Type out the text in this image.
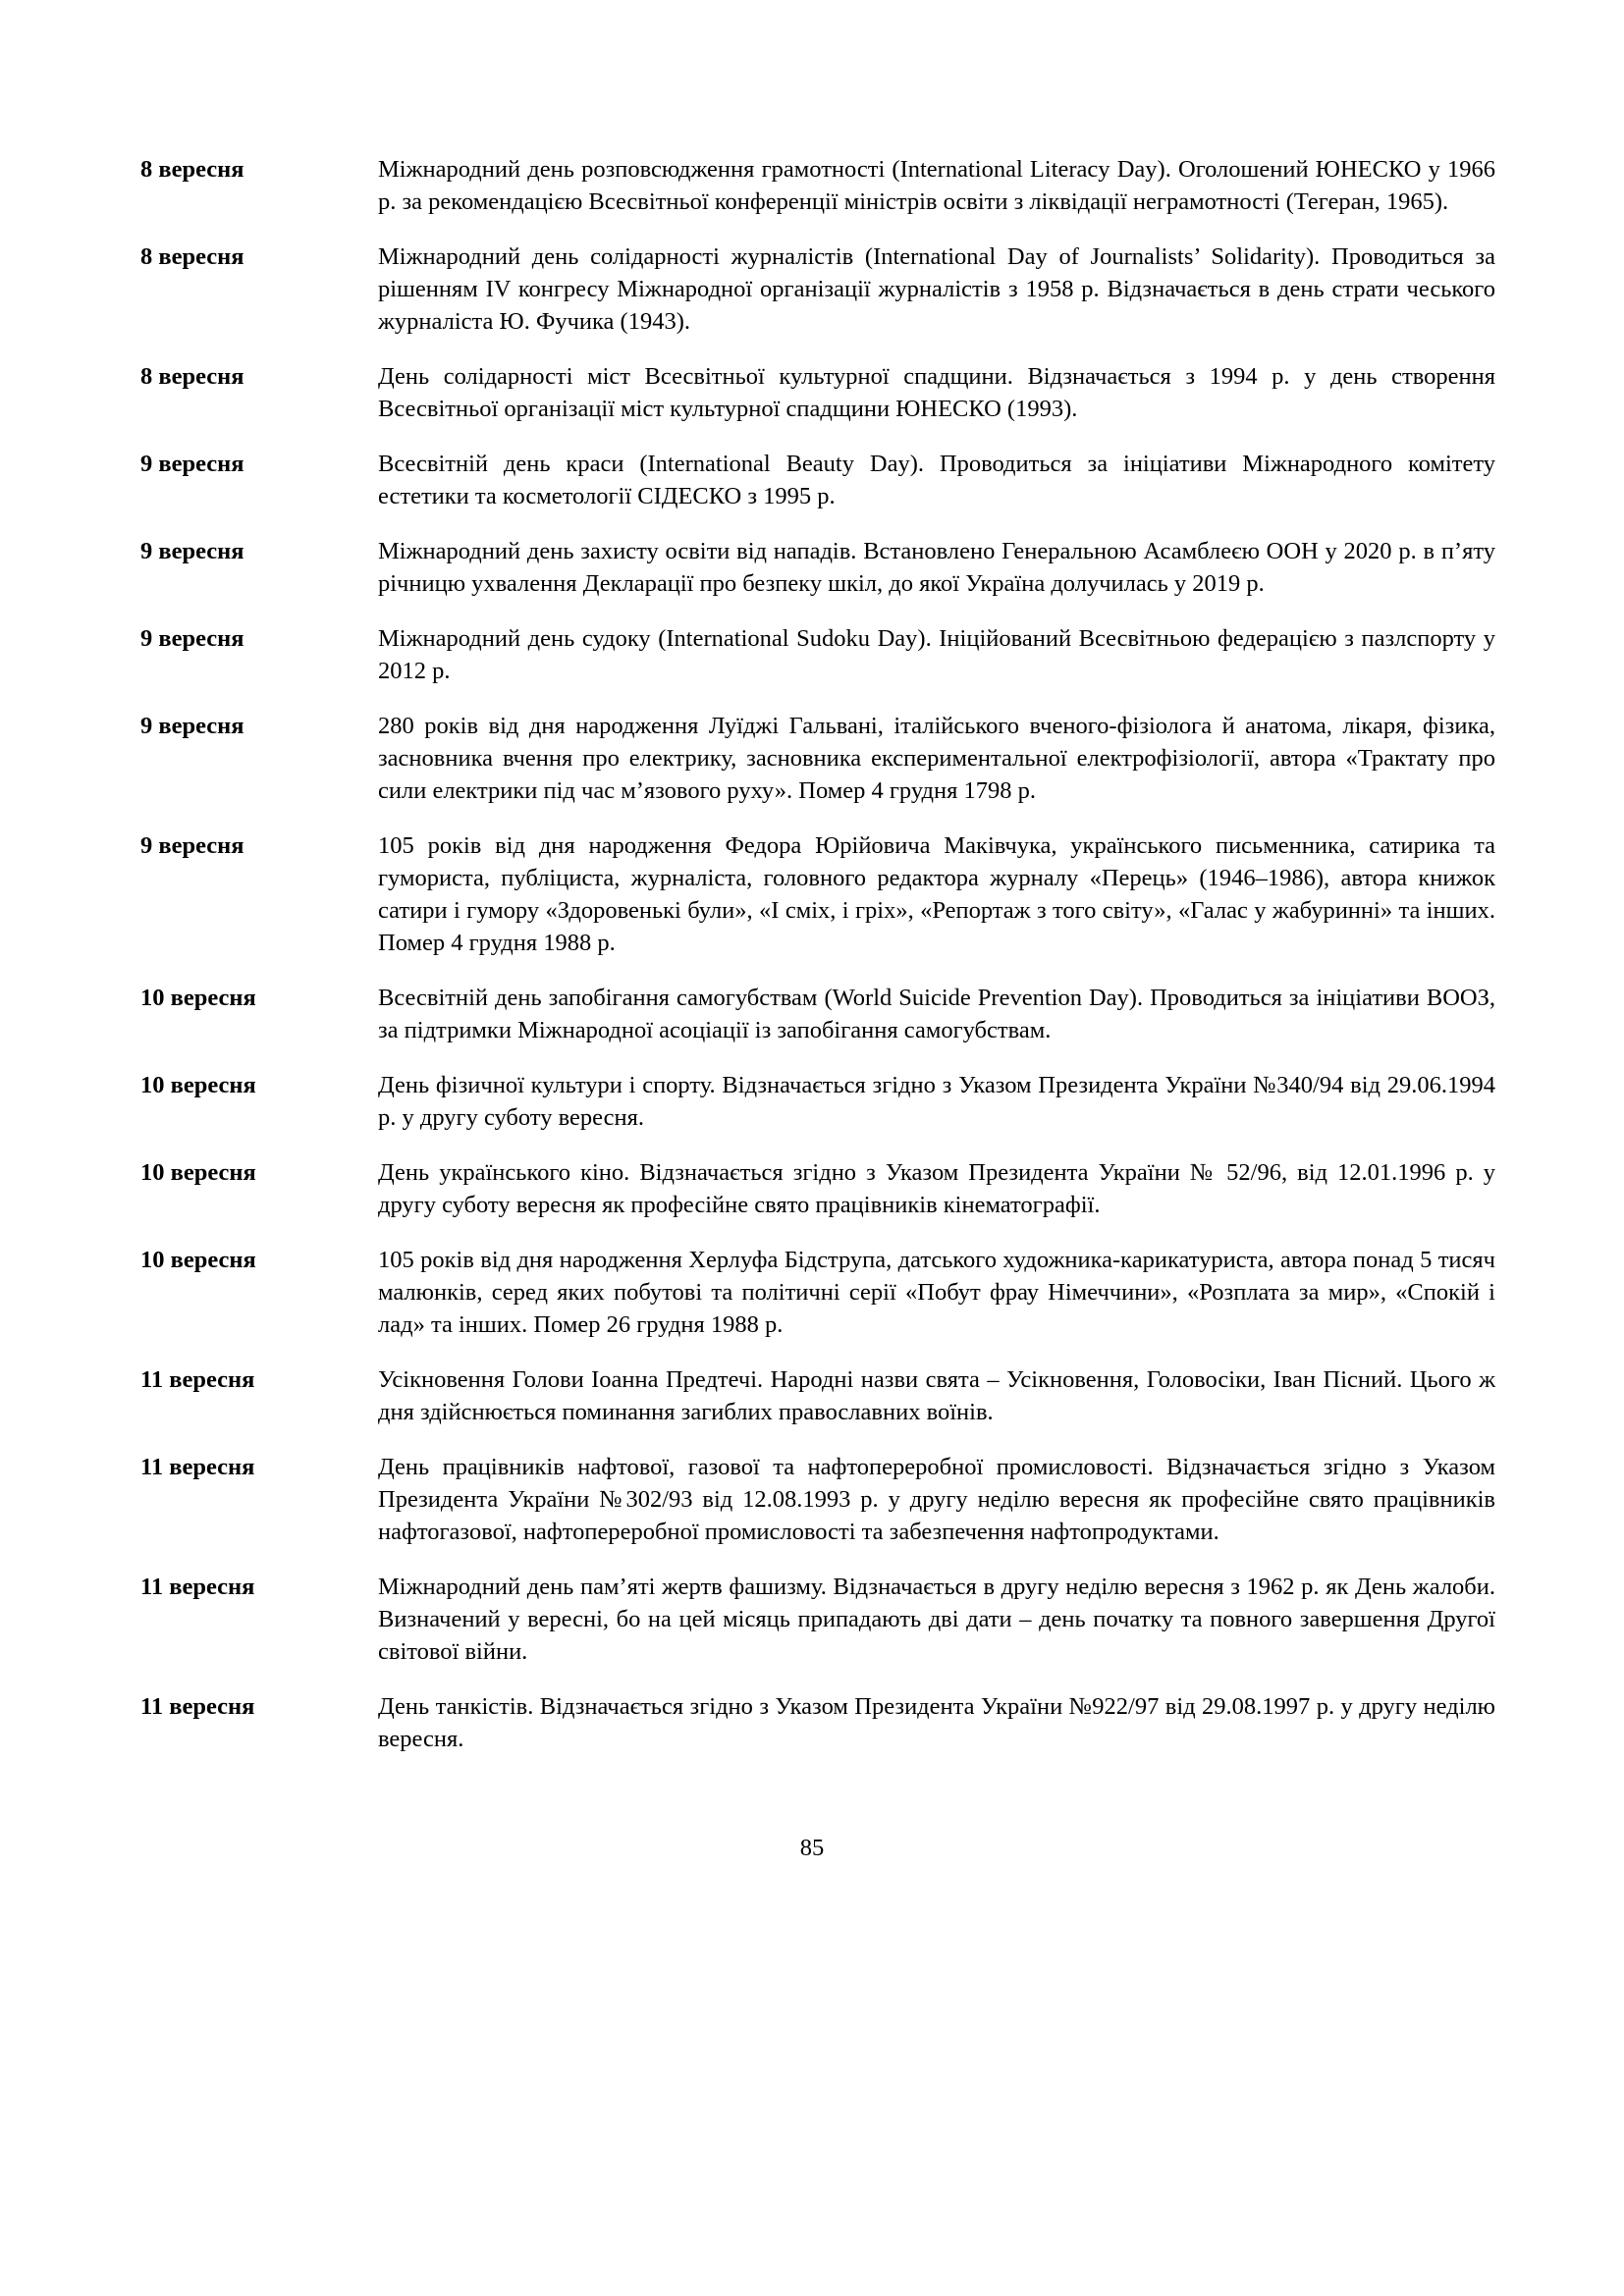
8 вересня	Міжнародний день розповсюдження грамотності (International Literacy Day). Оголошений ЮНЕСКО у 1966 р. за рекомендацією Всесвітньої конференції міністрів освіти з ліквідації неграмотності (Тегеран, 1965).
8 вересня	Міжнародний день солідарності журналістів (International Day of Journalists’ Solidarity). Проводиться за рішенням IV конгресу Міжнародної організації журналістів з 1958 р. Відзначається в день страти чеського журналіста Ю. Фучика (1943).
8 вересня	День солідарності міст Всесвітньої культурної спадщини. Відзначається з 1994 р. у день створення Всесвітньої організації міст культурної спадщини ЮНЕСКО (1993).
9 вересня	Всесвітній день краси (International Beauty Day). Проводиться за ініціативи Міжнародного комітету естетики та косметології СІДЕСКО з 1995 р.
9 вересня	Міжнародний день захисту освіти від нападів. Встановлено Генеральною Асамблеєю ООН у 2020 р. в п’яту річницю ухвалення Декларації про безпеку шкіл, до якої Україна долучилась у 2019 р.
9 вересня	Міжнародний день судоку (International Sudoku Day). Ініційований Всесвітньою федерацією з пазлспорту у 2012 р.
9 вересня	280 років від дня народження Луїджі Гальвані, італійського вченого-фізіолога й анатома, лікаря, фізика, засновника вчення про електрику, засновника експериментальної електрофізіології, автора «Трактату про сили електрики під час м’язового руху». Помер 4 грудня 1798 р.
9 вересня	105 років від дня народження Федора Юрійовича Маківчука, українського письменника, сатирика та гумориста, публіциста, журналіста, головного редактора журналу «Перець» (1946–1986), автора книжок сатири і гумору «Здоровенькі були», «І сміх, і гріх», «Репортаж з того світу», «Галас у жабуринні» та інших. Помер 4 грудня 1988 р.
10 вересня	Всесвітній день запобігання самогубствам (World Suicide Prevention Day). Проводиться за ініціативи ВООЗ, за підтримки Міжнародної асоціації із запобігання самогубствам.
10 вересня	День фізичної культури і спорту. Відзначається згідно з Указом Президента України №340/94 від 29.06.1994 р. у другу суботу вересня.
10 вересня	День українського кіно. Відзначається згідно з Указом Президента України № 52/96, від 12.01.1996 р. у другу суботу вересня як професійне свято працівників кінематографії.
10 вересня	105 років від дня народження Херлуфа Бідструпа, датського художника-карикатуриста, автора понад 5 тисяч малюнків, серед яких побутові та політичні серії «Побут фрау Німеччини», «Розплата за мир», «Спокій і лад» та інших. Помер 26 грудня 1988 р.
11 вересня	Усікновення Голови Іоанна Предтечі. Народні назви свята – Усікновення, Головосіки, Іван Пісний. Цього ж дня здійснюється поминання загиблих православних воїнів.
11 вересня	День працівників нафтової, газової та нафтопереробної промисловості. Відзначається згідно з Указом Президента України №302/93 від 12.08.1993 р. у другу неділю вересня як професійне свято працівників нафтогазової, нафтопереробної промисловості та забезпечення нафтопродуктами.
11 вересня	Міжнародний день пам’яті жертв фашизму. Відзначається в другу неділю вересня з 1962 р. як День жалоби. Визначений у вересні, бо на цей місяць припадають дві дати – день початку та повного завершення Другої світової війни.
11 вересня	День танкістів. Відзначається згідно з Указом Президента України №922/97 від 29.08.1997 р. у другу неділю вересня.
85
